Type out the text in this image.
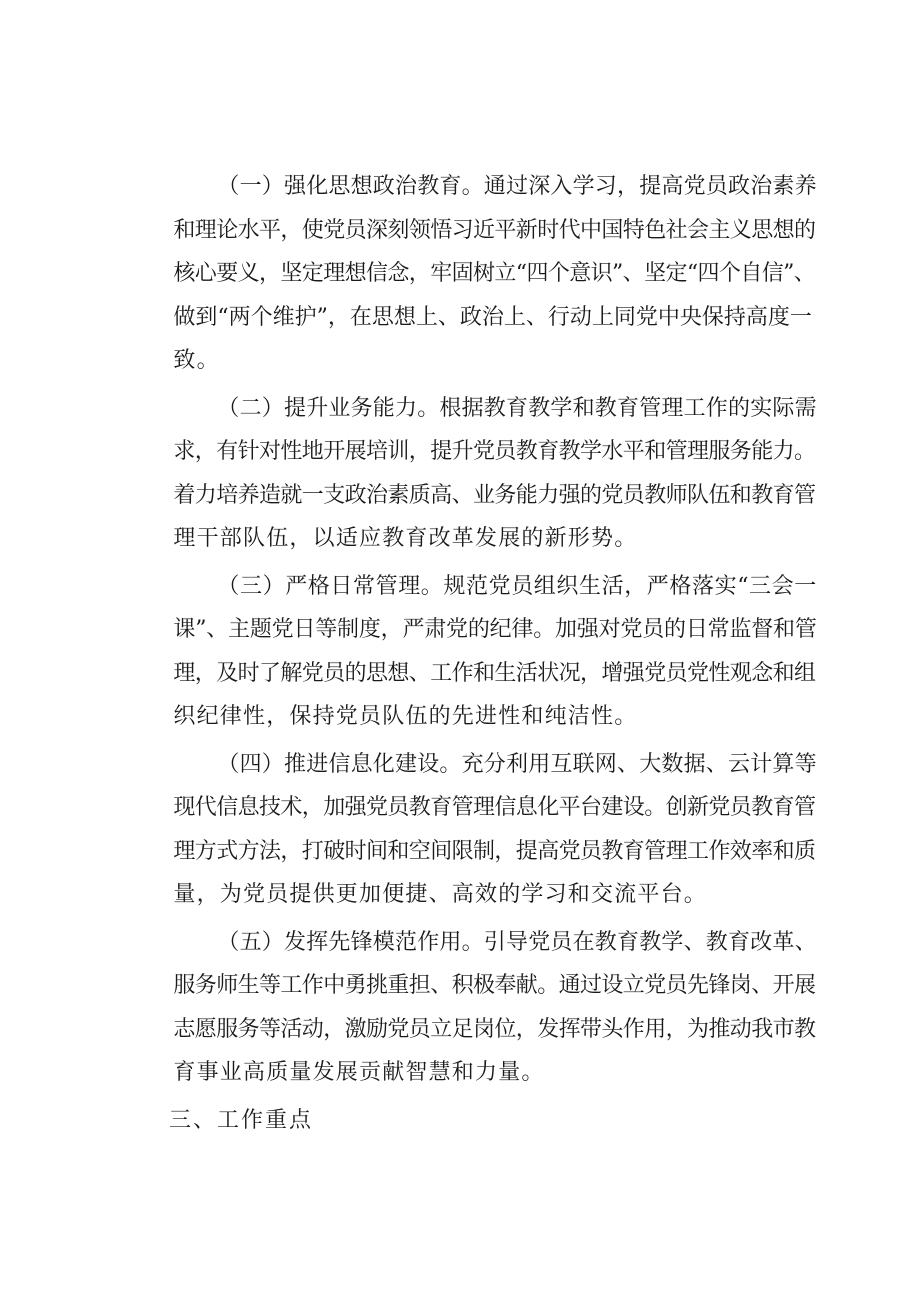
（一）强化思想政治教育。通过深入学习，提高党员政治素养
和理论水平，使党员深刻领悟习近平新时代中国特色社会主义思想的
核心要义，坚定理想信念，牢固树立“四个意识”、坚定“四个自信”、
做到“两个维护”，在思想上、政治上、行动上同党中央保持高度一
致。
（二）提升业务能力。根据教育教学和教育管理工作的实际需
求，有针对性地开展培训，提升党员教育教学水平和管理服务能力。
着力培养造就一支政治素质高、业务能力强的党员教师队伍和教育管
理干部队伍，以适应教育改革发展的新形势。
（三）严格日常管理。规范党员组织生活，严格落实“三会一
课”、主题党日等制度，严肃党的纪律。加强对党员的日常监督和管
理，及时了解党员的思想、工作和生活状况，增强党员党性观念和组
织纪律性，保持党员队伍的先进性和纯洁性。
（四）推进信息化建设。充分利用互联网、大数据、云计算等
现代信息技术，加强党员教育管理信息化平台建设。创新党员教育管
理方式方法，打破时间和空间限制，提高党员教育管理工作效率和质
量，为党员提供更加便捷、高效的学习和交流平台。
（五）发挥先锋模范作用。引导党员在教育教学、教育改革、
服务师生等工作中勇挑重担、积极奉献。通过设立党员先锋岗、开展
志愿服务等活动，激励党员立足岗位，发挥带头作用，为推动我市教
育事业高质量发展贡献智慧和力量。
三、工作重点
